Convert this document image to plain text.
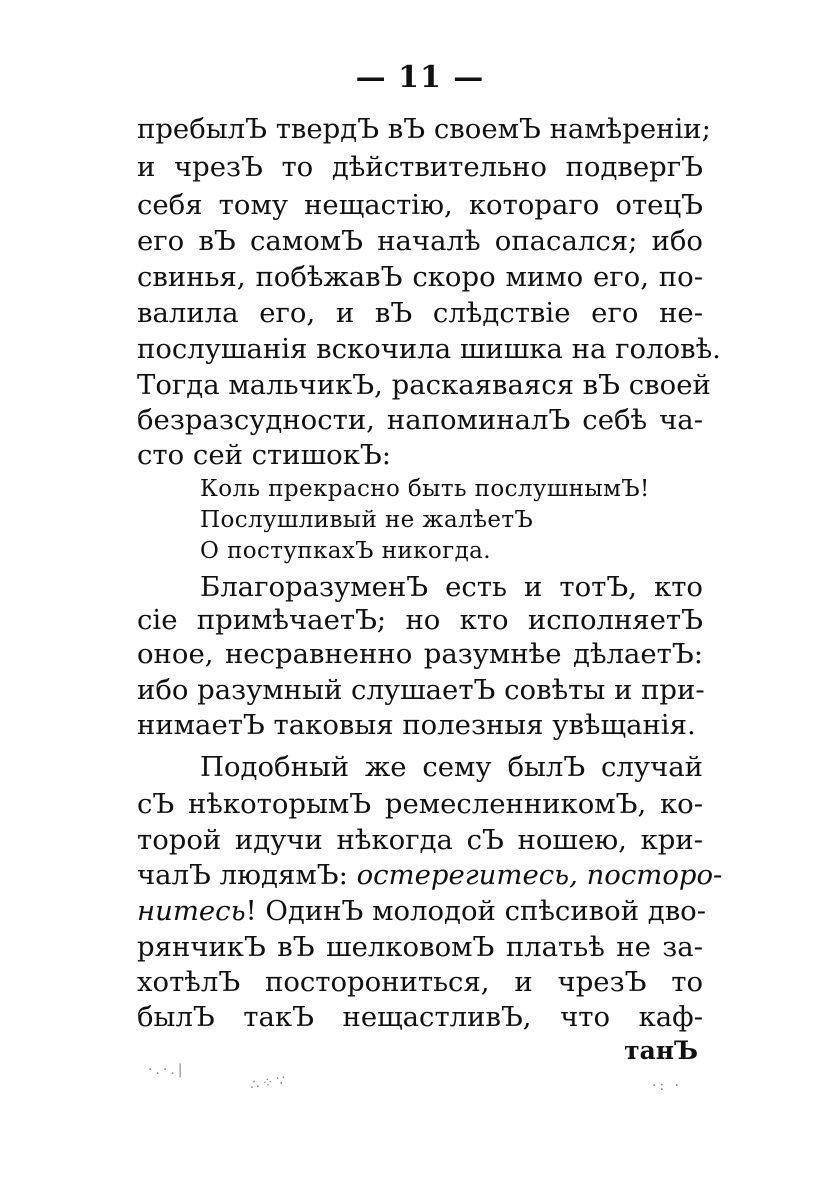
— 11 —
пребылЪ твердЪ вЪ своемЪ намѣреніи;
и чрезЪ то дѣйствительно подвергЪ
себя тому нещастію, котораго отецЪ
его вЪ самомЪ началѣ опасался; ибо
свинья, побѣжавЪ скоро мимо его, по-
валила его, и вЪ слѣдствіе его не-
послушанія вскочила шишка на головѣ.
Тогда мальчикЪ, раскаяваяся вЪ своей
безразсудности, напоминалЪ себѣ ча-
сто сей стишокЪ:
Коль прекрасно быть послушнымЪ!
Послушливый не жалѣетЪ
О поступкахЪ никогда.
БлагоразуменЪ есть и тотЪ, кто
сіе примѣчаетЪ; но кто исполняетЪ
оное, несравненно разумнѣе дѣлаетЪ:
ибо разумный слушаетЪ совѣты и при-
нимаетЪ таковыя полезныя увѣщанія.
Подобный же сему былЪ случай
сЪ нѣкоторымЪ ремесленникомЪ, ко-
торой идучи нѣкогда сЪ ношею, кри-
чалЪ людямЪ: остерегитесь, посторо-
нитесь! ОдинЪ молодой спѣсивой дво-
рянчикЪ вЪ шелковомЪ платьѣ не за-
хотѣлЪ посторониться, и чрезЪ то
былЪ такЪ нещастливЪ, что каф-
танЪ
·.·.|
∴⁘∵	·: ·
